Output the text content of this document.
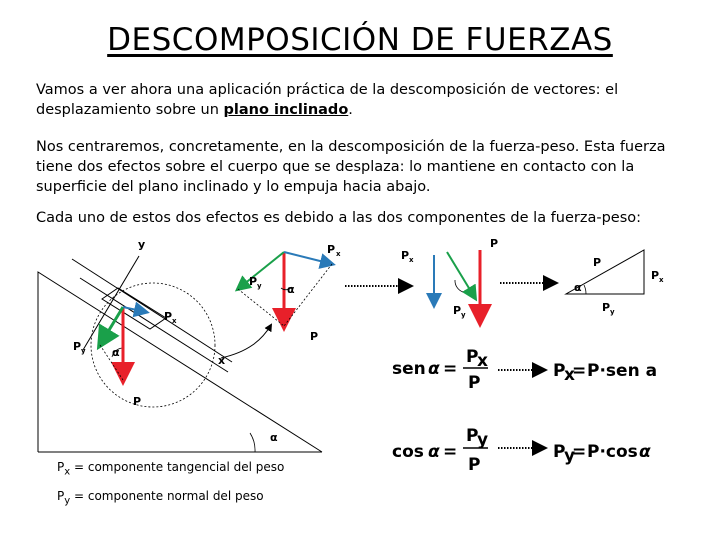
DESCOMPOSICIÓN DE FUERZAS
Vamos a ver ahora una aplicación práctica de la descomposición de vectores: el desplazamiento sobre un plano inclinado.
Nos centraremos, concretamente, en la descomposición de la fuerza-peso. Esta fuerza tiene dos efectos sobre el cuerpo que se desplaza: lo mantiene en contacto con la superficie del plano inclinado y lo empuja hacia abajo.
Cada uno de estos dos efectos es debido a las dos componentes de la fuerza-peso:
y
x
P x
P y
P
α
P x
P y
P
α
α
P x
P
P y
P
P x
P y
α
sen α =
P
x
P
P
x
= P·sen a
cos α =
P
y
P
P
y
= P·cos α
$P_x$ = componente tangencial del peso
$P_y$ = componente normal del peso
